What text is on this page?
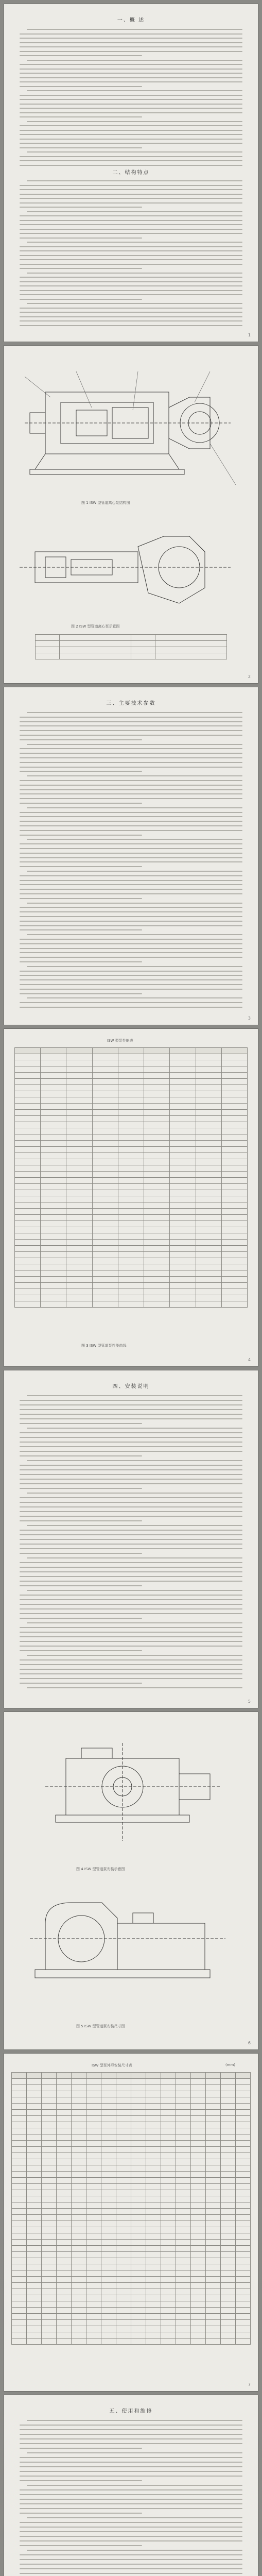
一、概 述
二、结构特点
1
图 1 ISW 型管道离心泵结构图
图 2 ISW 型管道离心泵示意图

2
三、主要技术参数
3
ISW 型泵性能表
图 3 ISW 型管道泵性能曲线
4

四、安装说明
5
图 4 ISW 型管道泵安装示意图
图 5 ISW 型管道泵安装尺寸图
6
ISW 型泵外形安装尺寸表	(mm)
7

五、使用和维修
